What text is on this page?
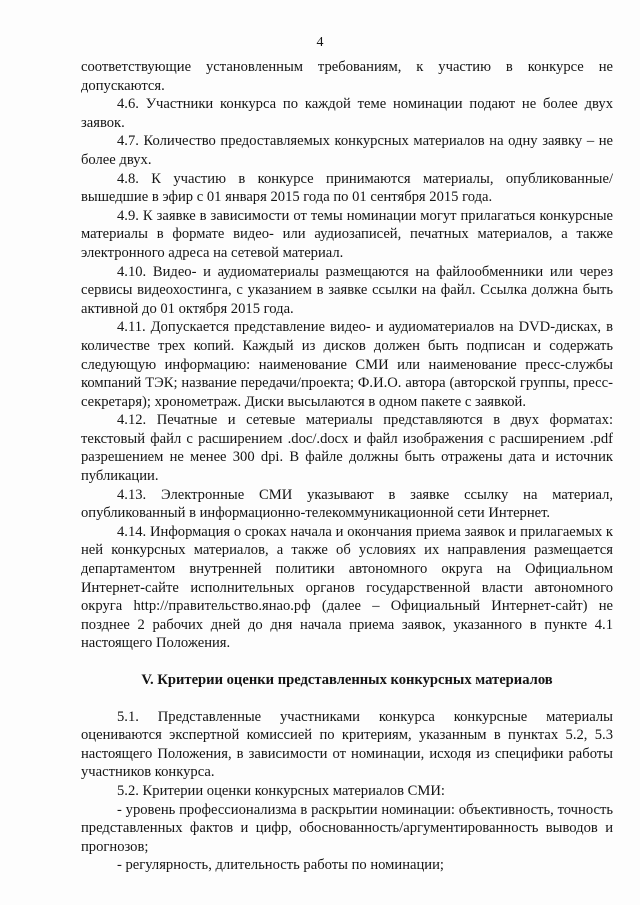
4

соответствующие установленным требованиям, к участию в конкурсе не допускаются.

4.6. Участники конкурса по каждой теме номинации подают не более двух заявок.

4.7. Количество предоставляемых конкурсных материалов на одну заявку – не более двух.

4.8. К участию в конкурсе принимаются материалы, опубликованные/ вышедшие в эфир с 01 января 2015 года по 01 сентября 2015 года.

4.9. К заявке в зависимости от темы номинации могут прилагаться конкурсные материалы в формате видео- или аудиозаписей, печатных материалов, а также электронного адреса на сетевой материал.

4.10. Видео- и аудиоматериалы размещаются на файлообменники или через сервисы видеохостинга, с указанием в заявке ссылки на файл. Ссылка должна быть активной до 01 октября 2015 года.

4.11. Допускается представление видео- и аудиоматериалов на DVD-дисках, в количестве трех копий. Каждый из дисков должен быть подписан и содержать следующую информацию: наименование СМИ или наименование пресс-службы компаний ТЭК; название передачи/проекта; Ф.И.О. автора (авторской группы, пресс-секретаря); хронометраж. Диски высылаются в одном пакете с заявкой.

4.12. Печатные и сетевые материалы представляются в двух форматах: текстовый файл с расширением .doc/.docx и файл изображения с расширением .pdf разрешением не менее 300 dpi. В файле должны быть отражены дата и источник публикации.

4.13. Электронные СМИ указывают в заявке ссылку на материал, опубликованный в информационно-телекоммуникационной сети Интернет.

4.14. Информация о сроках начала и окончания приема заявок и прилагаемых к ней конкурсных материалов, а также об условиях их направления размещается департаментом внутренней политики автономного округа на Официальном Интернет-сайте исполнительных органов государственной власти автономного округа http://правительство.янао.рф (далее – Официальный Интернет-сайт) не позднее 2 рабочих дней до дня начала приема заявок, указанного в пункте 4.1 настоящего Положения.

V. Критерии оценки представленных конкурсных материалов

5.1. Представленные участниками конкурса конкурсные материалы оцениваются экспертной комиссией по критериям, указанным в пунктах 5.2, 5.3 настоящего Положения, в зависимости от номинации, исходя из специфики работы участников конкурса.

5.2. Критерии оценки конкурсных материалов СМИ:

- уровень профессионализма в раскрытии номинации: объективность, точность представленных фактов и цифр, обоснованность/аргументированность выводов и прогнозов;

- регулярность, длительность работы по номинации;
